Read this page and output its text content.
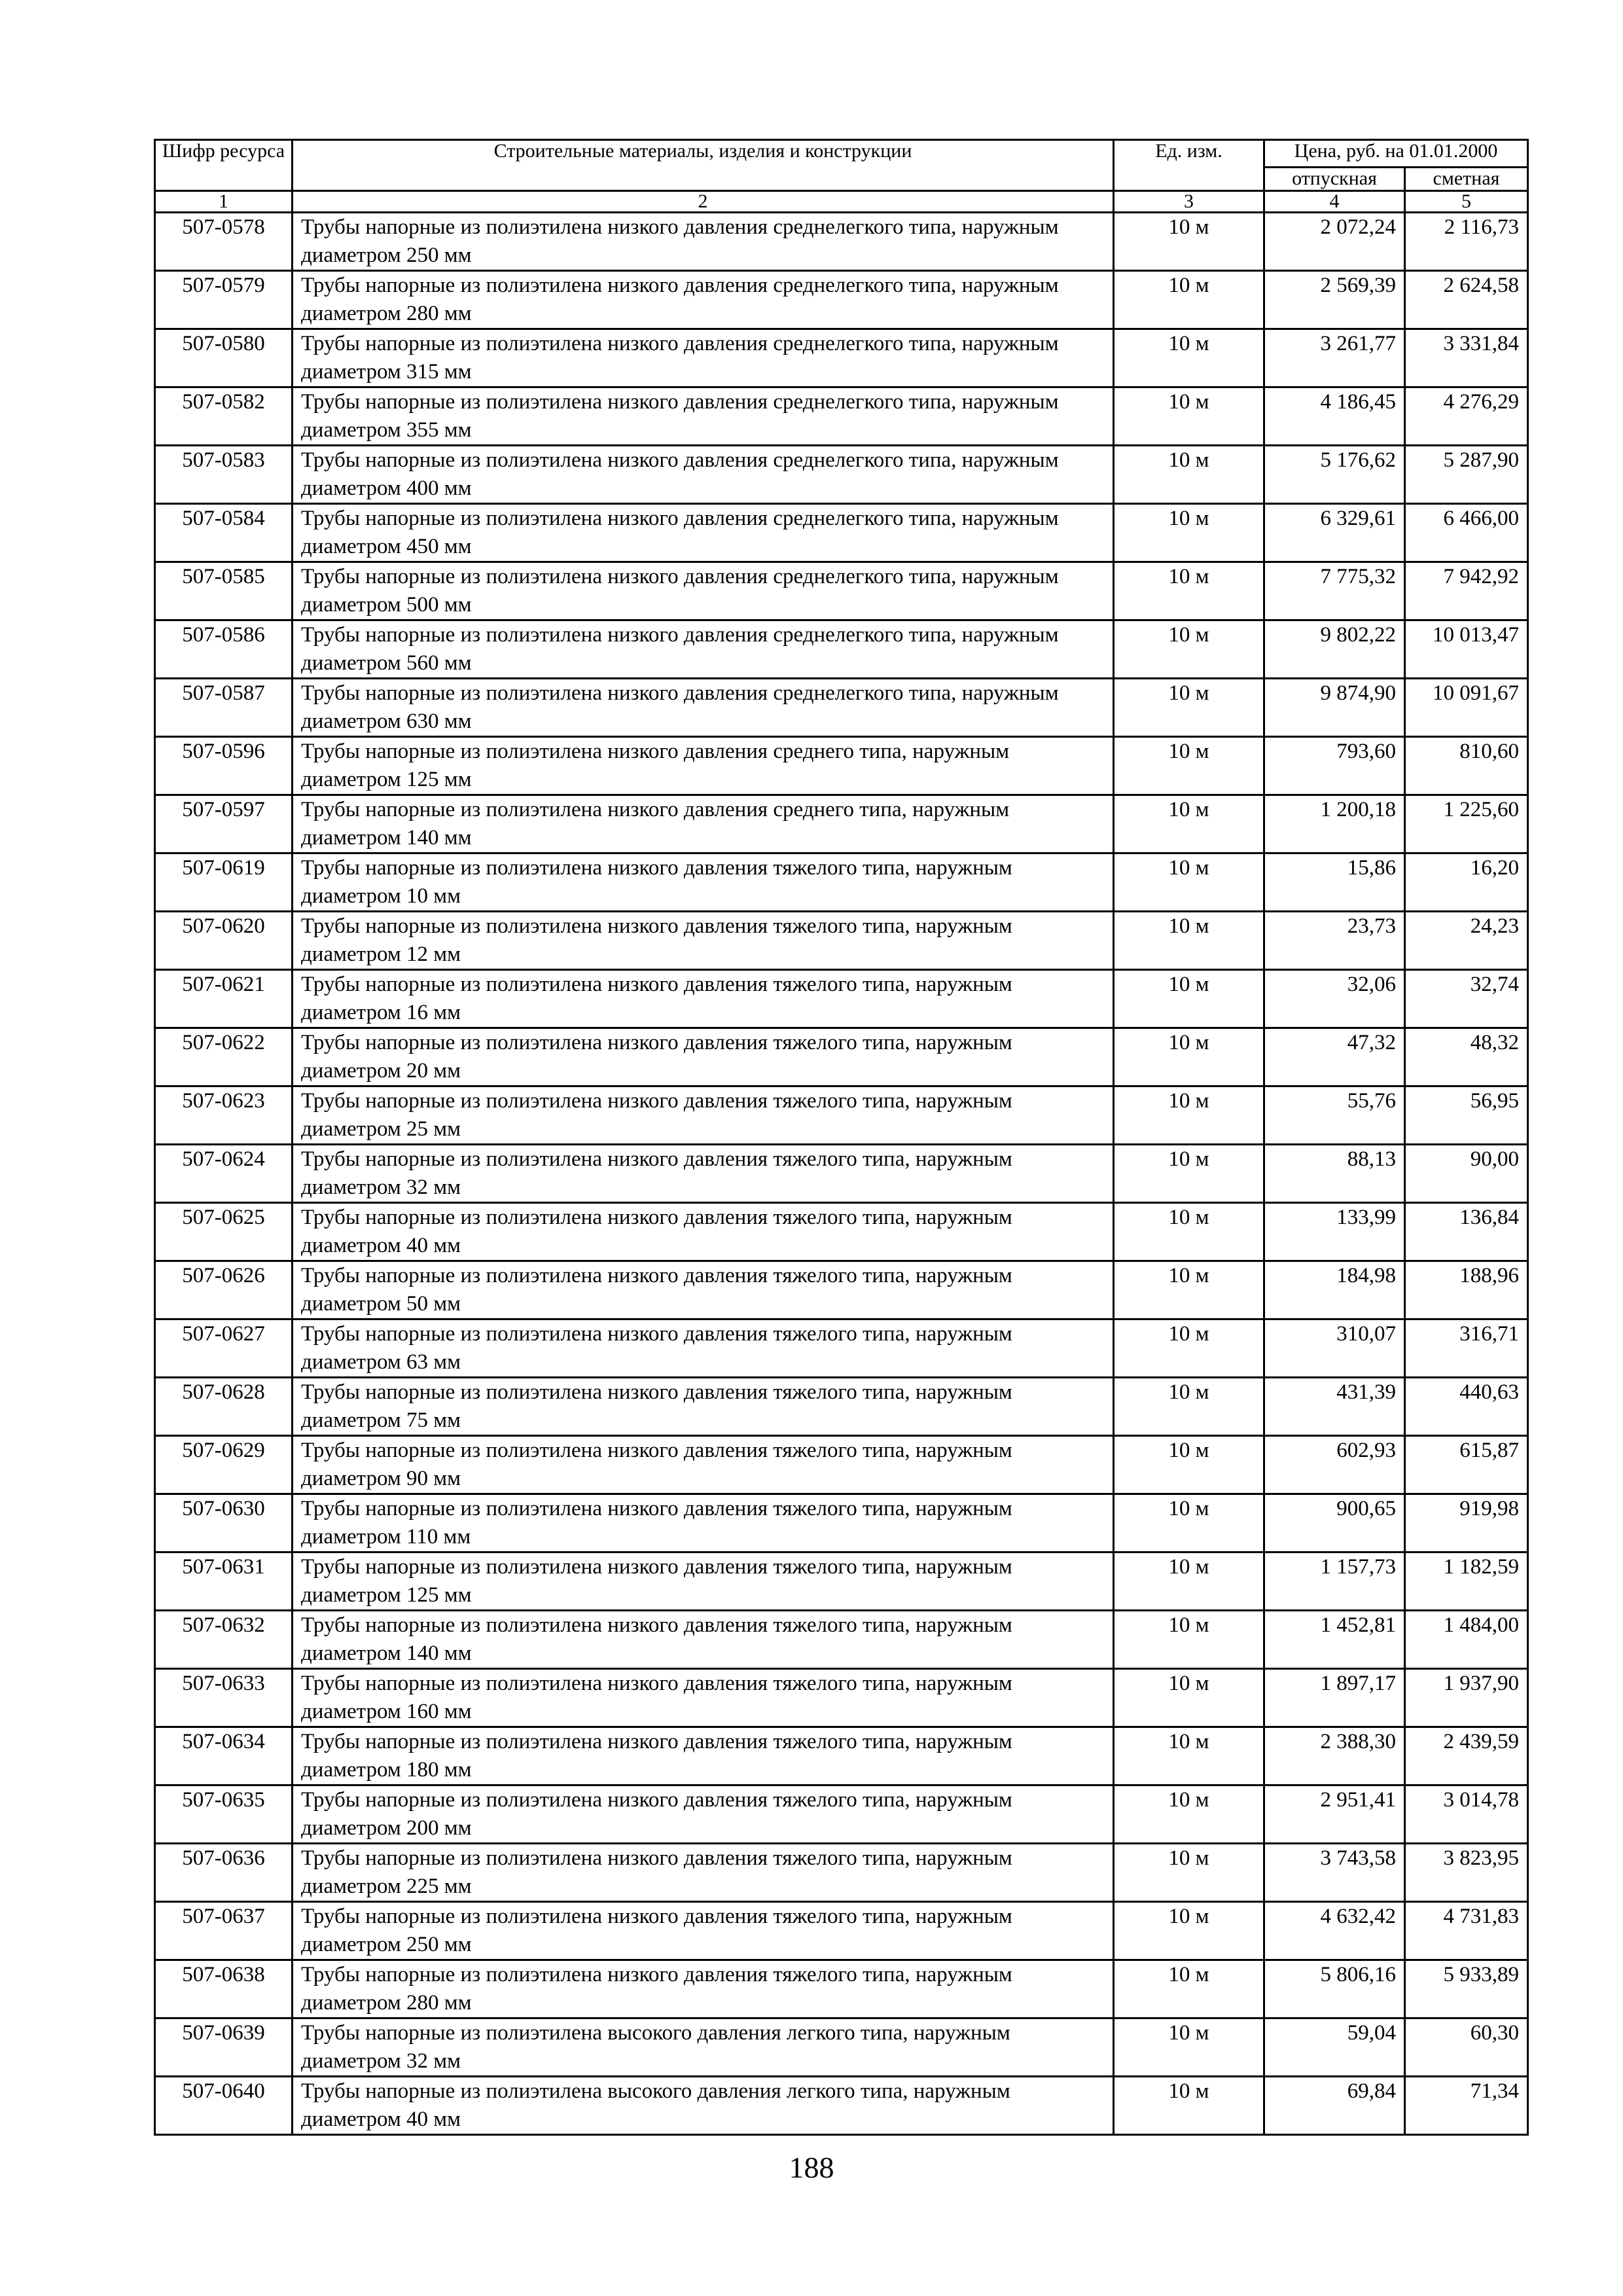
Шифр ресурса	Строительные материалы, изделия и конструкции	Ед. изм.	Цена, руб. на 01.01.2000	
			отпускная	сметная
1	2	3	4	5
507-0578	Трубы напорные из полиэтилена низкого давления среднелегкого типа, наружным диаметром 250 мм	10 м	2 072,24	2 116,73
507-0579	Трубы напорные из полиэтилена низкого давления среднелегкого типа, наружным диаметром 280 мм	10 м	2 569,39	2 624,58
507-0580	Трубы напорные из полиэтилена низкого давления среднелегкого типа, наружным диаметром 315 мм	10 м	3 261,77	3 331,84
507-0582	Трубы напорные из полиэтилена низкого давления среднелегкого типа, наружным диаметром 355 мм	10 м	4 186,45	4 276,29
507-0583	Трубы напорные из полиэтилена низкого давления среднелегкого типа, наружным диаметром 400 мм	10 м	5 176,62	5 287,90
507-0584	Трубы напорные из полиэтилена низкого давления среднелегкого типа, наружным диаметром 450 мм	10 м	6 329,61	6 466,00
507-0585	Трубы напорные из полиэтилена низкого давления среднелегкого типа, наружным диаметром 500 мм	10 м	7 775,32	7 942,92
507-0586	Трубы напорные из полиэтилена низкого давления среднелегкого типа, наружным диаметром 560 мм	10 м	9 802,22	10 013,47
507-0587	Трубы напорные из полиэтилена низкого давления среднелегкого типа, наружным диаметром 630 мм	10 м	9 874,90	10 091,67
507-0596	Трубы напорные из полиэтилена низкого давления среднего типа, наружным диаметром 125 мм	10 м	793,60	810,60
507-0597	Трубы напорные из полиэтилена низкого давления среднего типа, наружным диаметром 140 мм	10 м	1 200,18	1 225,60
507-0619	Трубы напорные из полиэтилена низкого давления тяжелого типа, наружным диаметром 10 мм	10 м	15,86	16,20
507-0620	Трубы напорные из полиэтилена низкого давления тяжелого типа, наружным диаметром 12 мм	10 м	23,73	24,23
507-0621	Трубы напорные из полиэтилена низкого давления тяжелого типа, наружным диаметром 16 мм	10 м	32,06	32,74
507-0622	Трубы напорные из полиэтилена низкого давления тяжелого типа, наружным диаметром 20 мм	10 м	47,32	48,32
507-0623	Трубы напорные из полиэтилена низкого давления тяжелого типа, наружным диаметром 25 мм	10 м	55,76	56,95
507-0624	Трубы напорные из полиэтилена низкого давления тяжелого типа, наружным диаметром 32 мм	10 м	88,13	90,00
507-0625	Трубы напорные из полиэтилена низкого давления тяжелого типа, наружным диаметром 40 мм	10 м	133,99	136,84
507-0626	Трубы напорные из полиэтилена низкого давления тяжелого типа, наружным диаметром 50 мм	10 м	184,98	188,96
507-0627	Трубы напорные из полиэтилена низкого давления тяжелого типа, наружным диаметром 63 мм	10 м	310,07	316,71
507-0628	Трубы напорные из полиэтилена низкого давления тяжелого типа, наружным диаметром 75 мм	10 м	431,39	440,63
507-0629	Трубы напорные из полиэтилена низкого давления тяжелого типа, наружным диаметром 90 мм	10 м	602,93	615,87
507-0630	Трубы напорные из полиэтилена низкого давления тяжелого типа, наружным диаметром 110 мм	10 м	900,65	919,98
507-0631	Трубы напорные из полиэтилена низкого давления тяжелого типа, наружным диаметром 125 мм	10 м	1 157,73	1 182,59
507-0632	Трубы напорные из полиэтилена низкого давления тяжелого типа, наружным диаметром 140 мм	10 м	1 452,81	1 484,00
507-0633	Трубы напорные из полиэтилена низкого давления тяжелого типа, наружным диаметром 160 мм	10 м	1 897,17	1 937,90
507-0634	Трубы напорные из полиэтилена низкого давления тяжелого типа, наружным диаметром 180 мм	10 м	2 388,30	2 439,59
507-0635	Трубы напорные из полиэтилена низкого давления тяжелого типа, наружным диаметром 200 мм	10 м	2 951,41	3 014,78
507-0636	Трубы напорные из полиэтилена низкого давления тяжелого типа, наружным диаметром 225 мм	10 м	3 743,58	3 823,95
507-0637	Трубы напорные из полиэтилена низкого давления тяжелого типа, наружным диаметром 250 мм	10 м	4 632,42	4 731,83
507-0638	Трубы напорные из полиэтилена низкого давления тяжелого типа, наружным диаметром 280 мм	10 м	5 806,16	5 933,89
507-0639	Трубы напорные из полиэтилена высокого давления легкого типа, наружным диаметром 32 мм	10 м	59,04	60,30
507-0640	Трубы напорные из полиэтилена высокого давления легкого типа, наружным диаметром 40 мм	10 м	69,84	71,34
188
